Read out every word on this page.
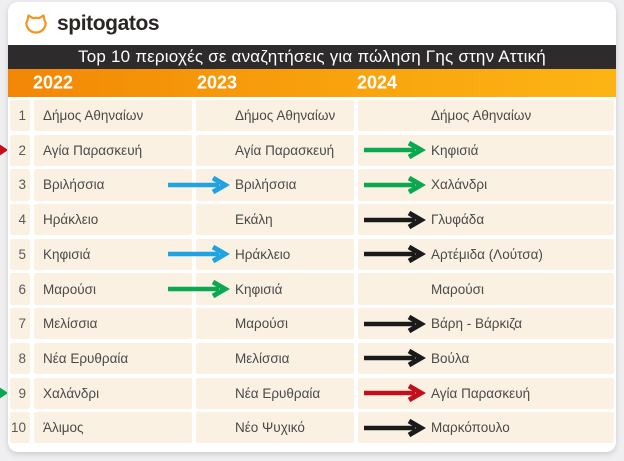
spitogatos
Top 10 περιοχές σε αναζητήσεις για πώληση Γης στην Αττική
2022	2023	2024
1	Δήμος Αθηναίων	Δήμος Αθηναίων	Δήμος Αθηναίων
2	Αγία Παρασκευή	Αγία Παρασκευή	Κηφισιά
3	Βριλήσσια	Βριλήσσια	Χαλάνδρι
4	Ηράκλειο	Εκάλη	Γλυφάδα
5	Κηφισιά	Ηράκλειο	Αρτέμιδα (Λούτσα)
6	Μαρούσι	Κηφισιά	Μαρούσι
7	Μελίσσια	Μαρούσι	Βάρη - Βάρκιζα
8	Νέα Ερυθραία	Μελίσσια	Βούλα
9	Χαλάνδρι	Νέα Ερυθραία	Αγία Παρασκευή
10	Άλιμος	Νέο Ψυχικό	Μαρκόπουλο
